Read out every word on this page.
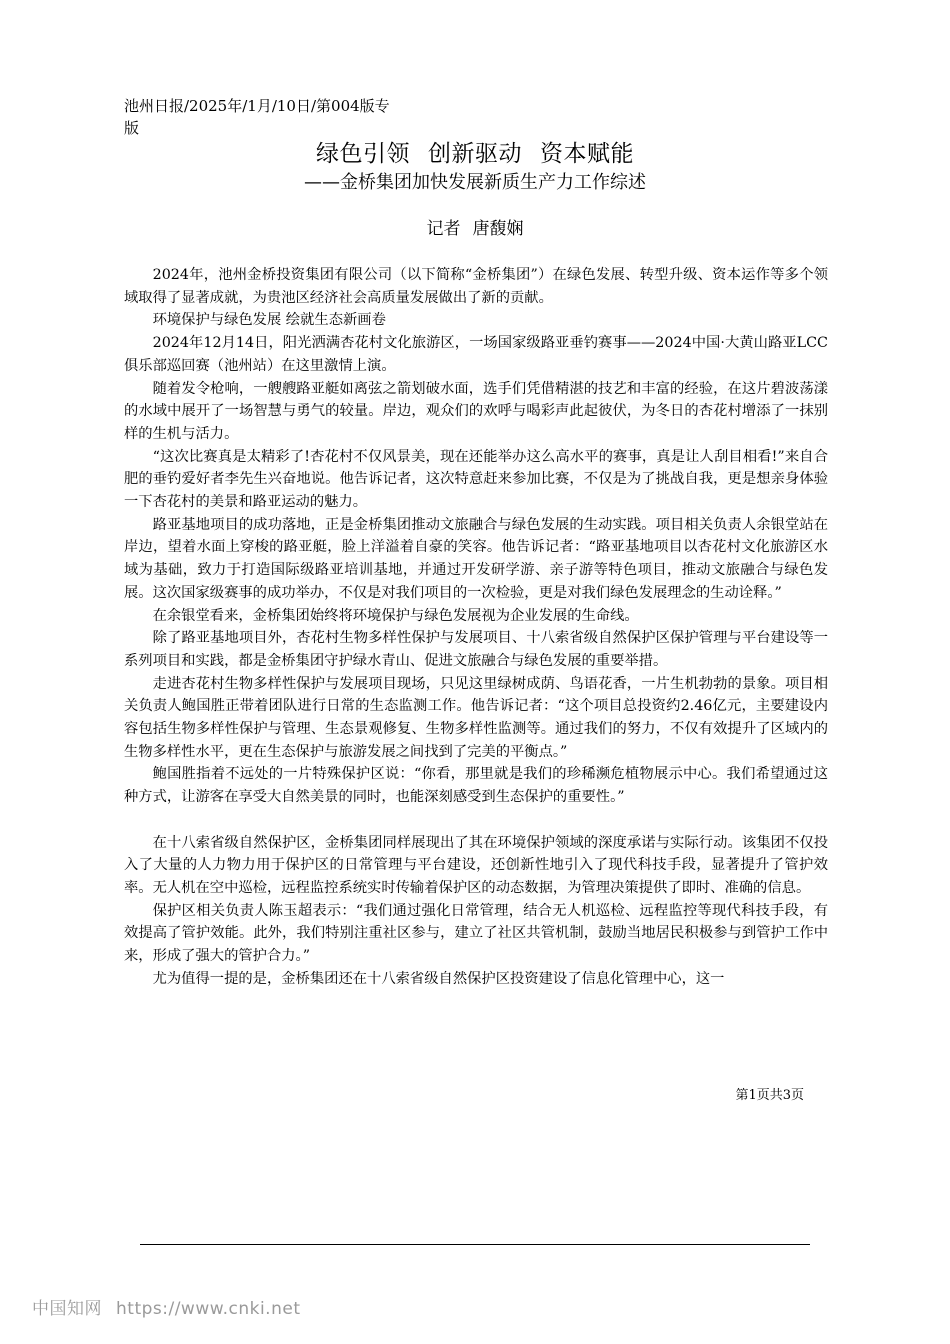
池州日报/2025年/1月/10日/第004版专版
绿色引领 创新驱动 资本赋能
——金桥集团加快发展新质生产力工作综述
记者 唐馥娴

2024年，池州金桥投资集团有限公司（以下简称“金桥集团”）在绿色发展、转型升级、资本运作等多个领域取得了显著成就，为贵池区经济社会高质量发展做出了新的贡献。

环境保护与绿色发展 绘就生态新画卷

2024年12月14日，阳光洒满杏花村文化旅游区，一场国家级路亚垂钓赛事——2024中国·大黄山路亚LCC俱乐部巡回赛（池州站）在这里激情上演。

随着发令枪响，一艘艘路亚艇如离弦之箭划破水面，选手们凭借精湛的技艺和丰富的经验，在这片碧波荡漾的水域中展开了一场智慧与勇气的较量。岸边，观众们的欢呼与喝彩声此起彼伏，为冬日的杏花村增添了一抹别样的生机与活力。

“这次比赛真是太精彩了!杏花村不仅风景美，现在还能举办这么高水平的赛事，真是让人刮目相看!”来自合肥的垂钓爱好者李先生兴奋地说。他告诉记者，这次特意赶来参加比赛，不仅是为了挑战自我，更是想亲身体验一下杏花村的美景和路亚运动的魅力。

路亚基地项目的成功落地，正是金桥集团推动文旅融合与绿色发展的生动实践。项目相关负责人余银堂站在岸边，望着水面上穿梭的路亚艇，脸上洋溢着自豪的笑容。他告诉记者：“路亚基地项目以杏花村文化旅游区水域为基础，致力于打造国际级路亚培训基地，并通过开发研学游、亲子游等特色项目，推动文旅融合与绿色发展。这次国家级赛事的成功举办，不仅是对我们项目的一次检验，更是对我们绿色发展理念的生动诠释。”

在余银堂看来，金桥集团始终将环境保护与绿色发展视为企业发展的生命线。

除了路亚基地项目外，杏花村生物多样性保护与发展项目、十八索省级自然保护区保护管理与平台建设等一系列项目和实践，都是金桥集团守护绿水青山、促进文旅融合与绿色发展的重要举措。

走进杏花村生物多样性保护与发展项目现场，只见这里绿树成荫、鸟语花香，一片生机勃勃的景象。项目相关负责人鲍国胜正带着团队进行日常的生态监测工作。他告诉记者：“这个项目总投资约2.46亿元，主要建设内容包括生物多样性保护与管理、生态景观修复、生物多样性监测等。通过我们的努力，不仅有效提升了区域内的生物多样性水平，更在生态保护与旅游发展之间找到了完美的平衡点。”

鲍国胜指着不远处的一片特殊保护区说：“你看，那里就是我们的珍稀濒危植物展示中心。我们希望通过这种方式，让游客在享受大自然美景的同时，也能深刻感受到生态保护的重要性。”

在十八索省级自然保护区，金桥集团同样展现出了其在环境保护领域的深度承诺与实际行动。该集团不仅投入了大量的人力物力用于保护区的日常管理与平台建设，还创新性地引入了现代科技手段，显著提升了管护效率。无人机在空中巡检，远程监控系统实时传输着保护区的动态数据，为管理决策提供了即时、准确的信息。

保护区相关负责人陈玉超表示：“我们通过强化日常管理，结合无人机巡检、远程监控等现代科技手段，有效提高了管护效能。此外，我们特别注重社区参与，建立了社区共管机制，鼓励当地居民积极参与到管护工作中来，形成了强大的管护合力。”

尤为值得一提的是，金桥集团还在十八索省级自然保护区投资建设了信息化管理中心，这一

第1页共3页
中国知网 https://www.cnki.net
